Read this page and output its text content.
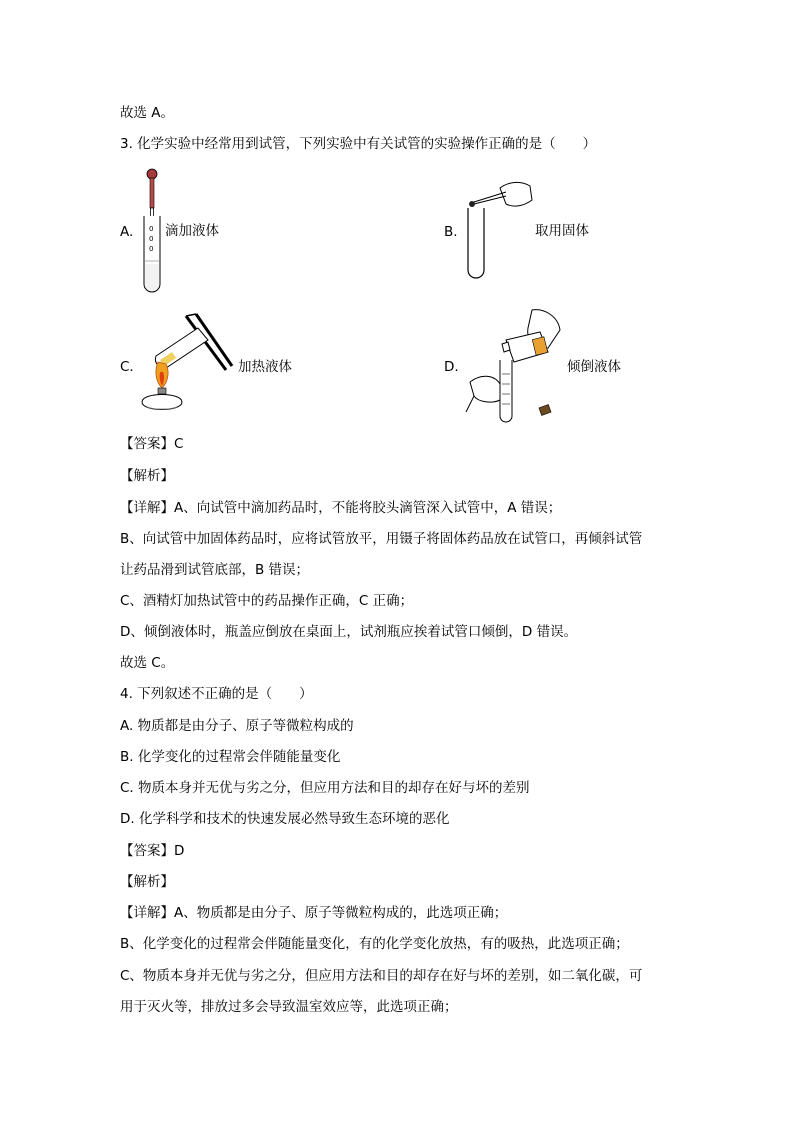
故选 A。
3. 化学实验中经常用到试管，下列实验中有关试管的实验操作正确的是（　　）
A. 0
0
0
滴加液体	B.	取用固体
C.	加热液体	D.	倾倒液体
【答案】C
【解析】
【详解】A、向试管中滴加药品时，不能将胶头滴管深入试管中，A 错误；
B、向试管中加固体药品时，应将试管放平，用镊子将固体药品放在试管口，再倾斜试管
让药品滑到试管底部，B 错误；
C、酒精灯加热试管中的药品操作正确，C 正确；
D、倾倒液体时，瓶盖应倒放在桌面上，试剂瓶应挨着试管口倾倒，D 错误。
故选 C。
4. 下列叙述不正确的是（　　）
A. 物质都是由分子、原子等微粒构成的
B. 化学变化的过程常会伴随能量变化
C. 物质本身并无优与劣之分，但应用方法和目的却存在好与坏的差别
D. 化学科学和技术的快速发展必然导致生态环境的恶化
【答案】D
【解析】
【详解】A、物质都是由分子、原子等微粒构成的，此选项正确；
B、化学变化的过程常会伴随能量变化，有的化学变化放热，有的吸热，此选项正确；
C、物质本身并无优与劣之分，但应用方法和目的却存在好与坏的差别，如二氧化碳，可
用于灭火等，排放过多会导致温室效应等，此选项正确；
